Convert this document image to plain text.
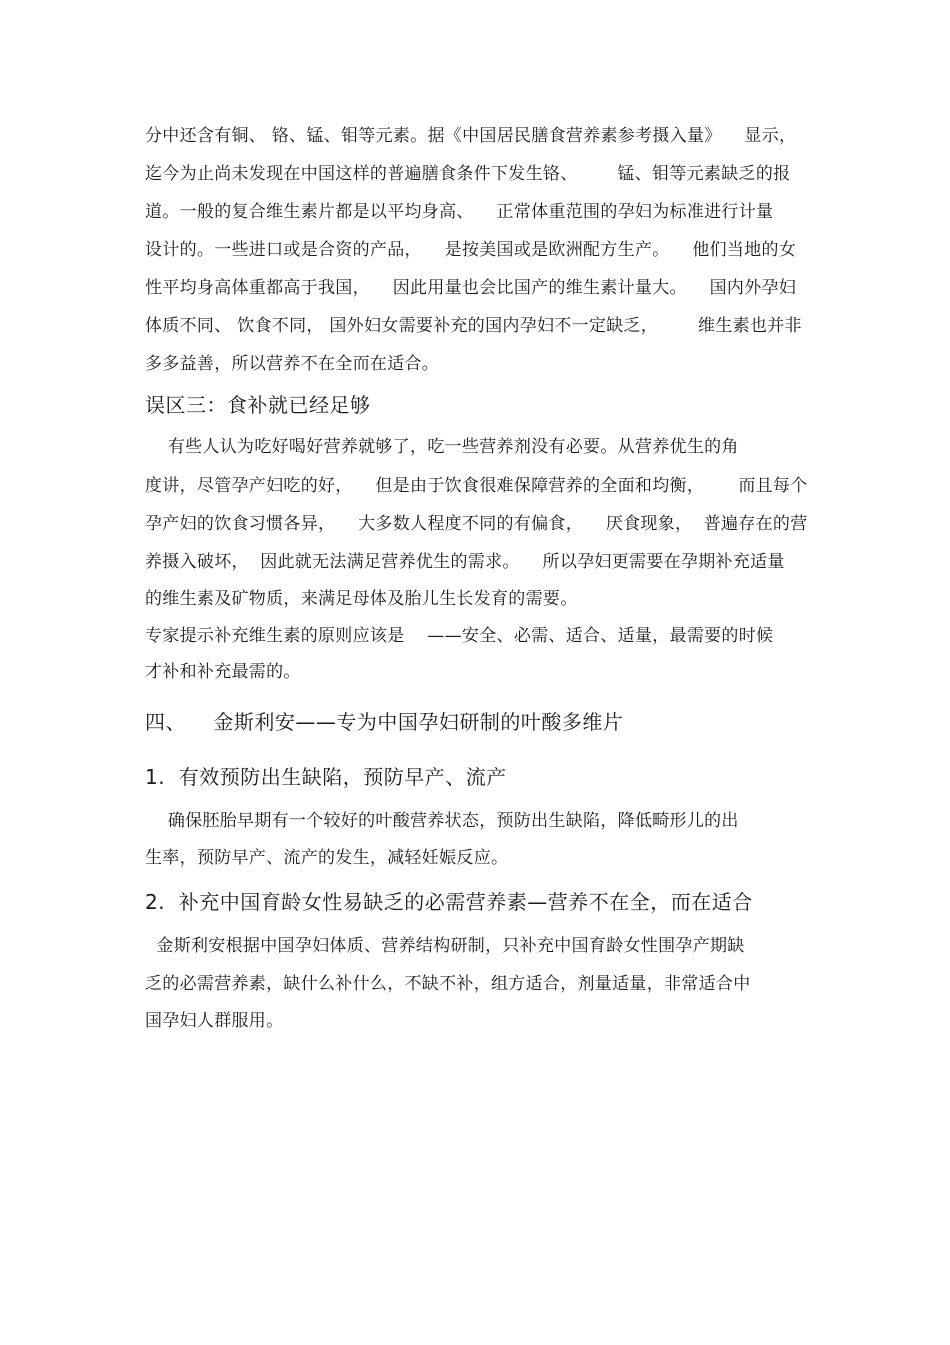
分中还含有铜、 铬、锰、钼等元素。据《中国居民膳食营养素参考摄入量》    显示，
迄今为止尚未发现在中国这样的普遍膳食条件下发生铬、       锰、钼等元素缺乏的报
道。一般的复合维生素片都是以平均身高、    正常体重范围的孕妇为标准进行计量
设计的。一些进口或是合资的产品，    是按美国或是欧洲配方生产。    他们当地的女
性平均身高体重都高于我国，    因此用量也会比国产的维生素计量大。    国内外孕妇
体质不同、 饮食不同， 国外妇女需要补充的国内孕妇不一定缺乏，       维生素也并非
多多益善，所以营养不在全而在适合。
误区三：食补就已经足够
有些人认为吃好喝好营养就够了，吃一些营养剂没有必要。从营养优生的角
度讲，尽管孕产妇吃的好，    但是由于饮食很难保障营养的全面和均衡，      而且每个
孕产妇的饮食习惯各异，    大多数人程度不同的有偏食，    厌食现象，  普遍存在的营
养摄入破坏，  因此就无法满足营养优生的需求。    所以孕妇更需要在孕期补充适量
的维生素及矿物质，来满足母体及胎儿生长发育的需要。
专家提示补充维生素的原则应该是    ——安全、必需、适合、适量，最需要的时候
才补和补充最需的。
四、    金斯利安——专为中国孕妇研制的叶酸多维片
1.  有效预防出生缺陷，预防早产、流产
确保胚胎早期有一个较好的叶酸营养状态，预防出生缺陷，降低畸形儿的出
生率，预防早产、流产的发生，减轻妊娠反应。
2.  补充中国育龄女性易缺乏的必需营养素—营养不在全，而在适合
金斯利安根据中国孕妇体质、营养结构研制，只补充中国育龄女性围孕产期缺
乏的必需营养素，缺什么补什么，不缺不补，组方适合，剂量适量，非常适合中
国孕妇人群服用。
